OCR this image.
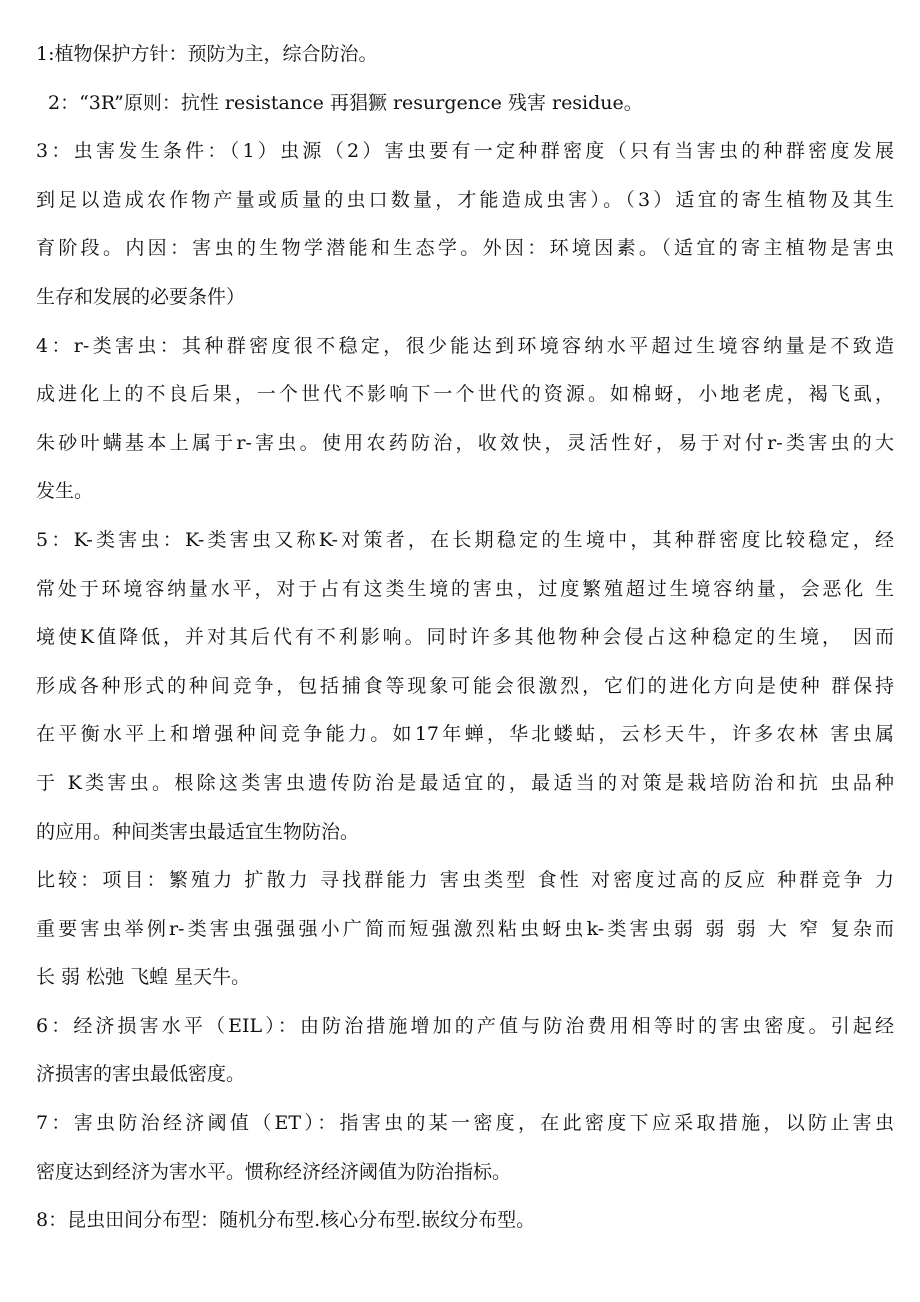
1:植物保护方针：预防为主，综合防治。
2：“3R”原则：抗性 resistance 再猖獗 resurgence 残害 residue。
3：虫害发生条件：（1）虫源（2）害虫要有一定种群密度（只有当害虫的种群密度发展
到足以造成农作物产量或质量的虫口数量，才能造成虫害）。（3）适宜的寄生植物及其生
育阶段。内因：害虫的生物学潜能和生态学。外因：环境因素。（适宜的寄主植物是害虫
生存和发展的必要条件）
4：r-类害虫：其种群密度很不稳定，很少能达到环境容纳水平超过生境容纳量是不致造
成进化上的不良后果，一个世代不影响下一个世代的资源。如棉蚜，小地老虎，褐飞虱，
朱砂叶螨基本上属于r-害虫。使用农药防治，收效快，灵活性好，易于对付r-类害虫的大
发生。
5：K-类害虫：K-类害虫又称K-对策者，在长期稳定的生境中，其种群密度比较稳定，经
常处于环境容纳量水平，对于占有这类生境的害虫，过度繁殖超过生境容纳量，会恶化 生
境使K值降低，并对其后代有不利影响。同时许多其他物种会侵占这种稳定的生境， 因而
形成各种形式的种间竞争，包括捕食等现象可能会很激烈，它们的进化方向是使种 群保持
在平衡水平上和增强种间竞争能力。如17年蝉，华北蝼蛄，云杉天牛，许多农林 害虫属
于 K类害虫。根除这类害虫遗传防治是最适宜的，最适当的对策是栽培防治和抗 虫品种
的应用。种间类害虫最适宜生物防治。
比较：项目：繁殖力 扩散力 寻找群能力 害虫类型 食性 对密度过高的反应 种群竞争 力
重要害虫举例r-类害虫强强强小广简而短强激烈粘虫蚜虫k-类害虫弱 弱 弱 大 窄 复杂而
长 弱 松弛 飞蝗 星天牛。
6：经济损害水平（EIL）：由防治措施增加的产值与防治费用相等时的害虫密度。引起经
济损害的害虫最低密度。
7：害虫防治经济阈值（ET）：指害虫的某一密度，在此密度下应采取措施，以防止害虫
密度达到经济为害水平。惯称经济经济阈值为防治指标。
8：昆虫田间分布型：随机分布型.核心分布型.嵌纹分布型。
